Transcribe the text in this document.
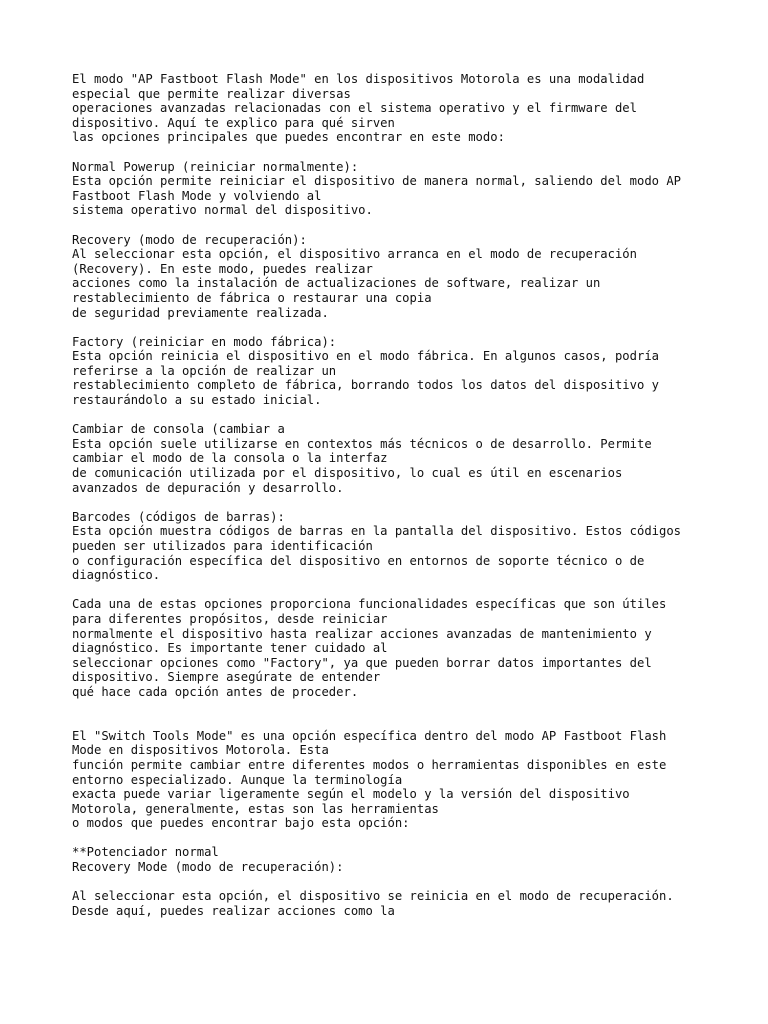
El modo "AP Fastboot Flash Mode" en los dispositivos Motorola es una modalidad
especial que permite realizar diversas
operaciones avanzadas relacionadas con el sistema operativo y el firmware del
dispositivo. Aquí te explico para qué sirven
las opciones principales que puedes encontrar en este modo:
Normal Powerup (reiniciar normalmente):
Esta opción permite reiniciar el dispositivo de manera normal, saliendo del modo AP
Fastboot Flash Mode y volviendo al
sistema operativo normal del dispositivo.
Recovery (modo de recuperación):
Al seleccionar esta opción, el dispositivo arranca en el modo de recuperación
(Recovery). En este modo, puedes realizar
acciones como la instalación de actualizaciones de software, realizar un
restablecimiento de fábrica o restaurar una copia
de seguridad previamente realizada.
Factory (reiniciar en modo fábrica):
Esta opción reinicia el dispositivo en el modo fábrica. En algunos casos, podría
referirse a la opción de realizar un
restablecimiento completo de fábrica, borrando todos los datos del dispositivo y
restaurándolo a su estado inicial.
Cambiar de consola (cambiar a
Esta opción suele utilizarse en contextos más técnicos o de desarrollo. Permite
cambiar el modo de la consola o la interfaz
de comunicación utilizada por el dispositivo, lo cual es útil en escenarios
avanzados de depuración y desarrollo.
Barcodes (códigos de barras):
Esta opción muestra códigos de barras en la pantalla del dispositivo. Estos códigos
pueden ser utilizados para identificación
o configuración específica del dispositivo en entornos de soporte técnico o de
diagnóstico.
Cada una de estas opciones proporciona funcionalidades específicas que son útiles
para diferentes propósitos, desde reiniciar
normalmente el dispositivo hasta realizar acciones avanzadas de mantenimiento y
diagnóstico. Es importante tener cuidado al
seleccionar opciones como "Factory", ya que pueden borrar datos importantes del
dispositivo. Siempre asegúrate de entender
qué hace cada opción antes de proceder.
El "Switch Tools Mode" es una opción específica dentro del modo AP Fastboot Flash
Mode en dispositivos Motorola. Esta
función permite cambiar entre diferentes modos o herramientas disponibles en este
entorno especializado. Aunque la terminología
exacta puede variar ligeramente según el modelo y la versión del dispositivo
Motorola, generalmente, estas son las herramientas
o modos que puedes encontrar bajo esta opción:
**Potenciador normal
Recovery Mode (modo de recuperación):
Al seleccionar esta opción, el dispositivo se reinicia en el modo de recuperación.
Desde aquí, puedes realizar acciones como la
